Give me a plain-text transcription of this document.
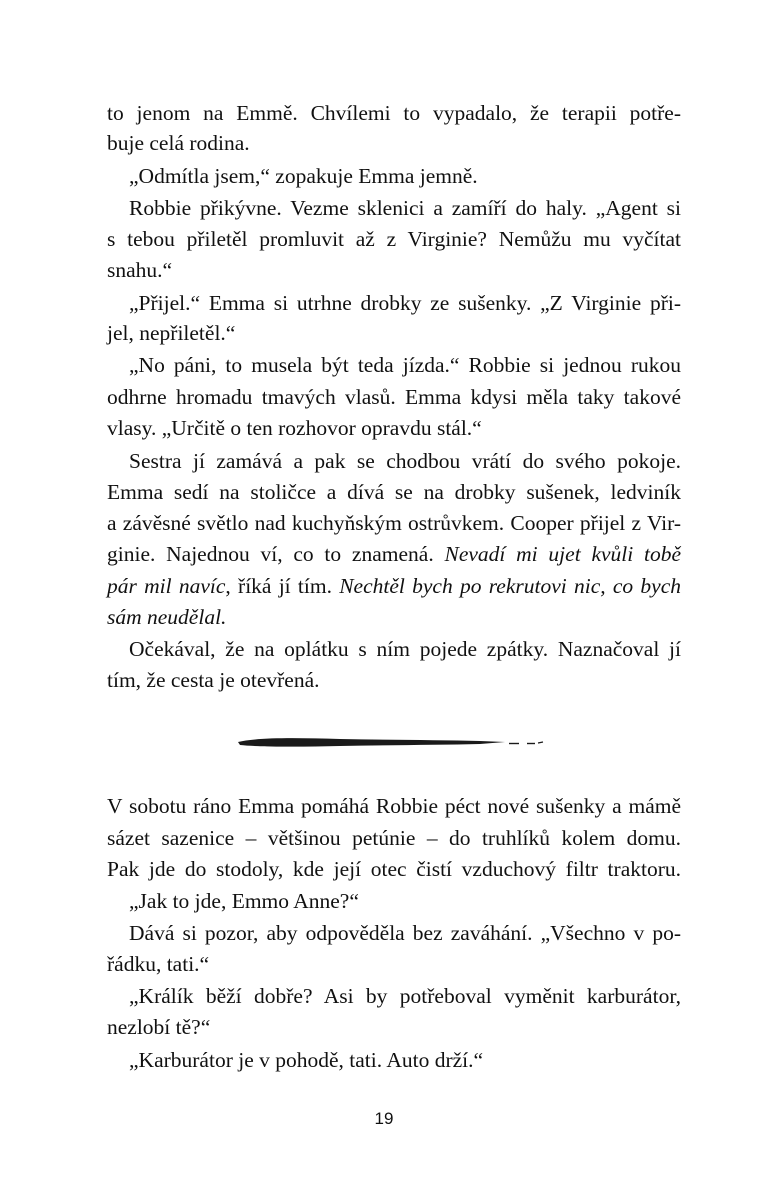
to jenom na Emmě. Chvílemi to vypadalo, že terapii potře-
buje celá rodina.
„Odmítla jsem,“ zopakuje Emma jemně.
Robbie přikývne. Vezme sklenici a zamíří do haly. „Agent si
s tebou přiletěl promluvit až z Virginie? Nemůžu mu vyčítat
snahu.“
„Přijel.“ Emma si utrhne drobky ze sušenky. „Z Virginie při-
jel, nepřiletěl.“
„No páni, to musela být teda jízda.“ Robbie si jednou rukou
odhrne hromadu tmavých vlasů. Emma kdysi měla taky takové
vlasy. „Určitě o ten rozhovor opravdu stál.“
Sestra jí zamává a pak se chodbou vrátí do svého pokoje.
Emma sedí na stoličce a dívá se na drobky sušenek, ledviník
a závěsné světlo nad kuchyňským ostrůvkem. Cooper přijel z Vir-
ginie. Najednou ví, co to znamená. Nevadí mi ujet kvůli tobě
pár mil navíc, říká jí tím. Nechtěl bych po rekrutovi nic, co bych
sám neudělal.
Očekával, že na oplátku s ním pojede zpátky. Naznačoval jí
tím, že cesta je otevřená.
V sobotu ráno Emma pomáhá Robbie péct nové sušenky a mámě
sázet sazenice – většinou petúnie – do truhlíků kolem domu.
Pak jde do stodoly, kde její otec čistí vzduchový filtr traktoru.
„Jak to jde, Emmo Anne?“
Dává si pozor, aby odpověděla bez zaváhání. „Všechno v po-
řádku, tati.“
„Králík běží dobře? Asi by potřeboval vyměnit karburátor,
nezlobí tě?“
„Karburátor je v pohodě, tati. Auto drží.“
19
